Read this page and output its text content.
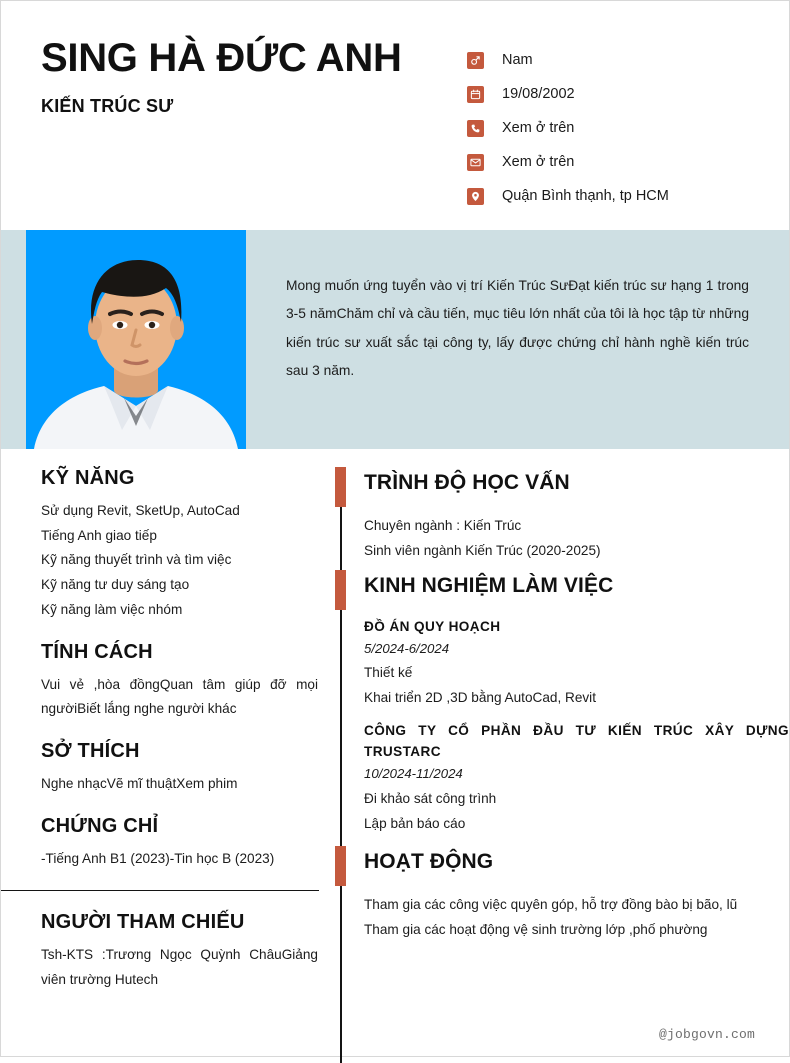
SING HÀ ĐỨC ANH
KIẾN TRÚC SƯ
Nam
19/08/2002
Xem ở trên
Xem ở trên
Quận Bình thạnh, tp HCM

Mong muốn ứng tuyển vào vị trí Kiến Trúc SưĐạt kiến trúc sư hạng 1 trong 3-5 nămChăm chỉ và cầu tiến, mục tiêu lớn nhất của tôi là học tập từ những kiến trúc sư xuất sắc tại công ty, lấy được chứng chỉ hành nghề kiến trúc sau 3 năm.

KỸ NĂNG
Sử dụng Revit, SketUp, AutoCad
Tiếng Anh giao tiếp
Kỹ năng thuyết trình và tìm việc
Kỹ năng tư duy sáng tạo
Kỹ năng làm việc nhóm
TÍNH CÁCH
Vui vẻ ,hòa đồngQuan tâm giúp đỡ mọi ngườiBiết lắng nghe người khác
SỞ THÍCH
Nghe nhạcVẽ mĩ thuậtXem phim
CHỨNG CHỈ
-Tiếng Anh B1 (2023)-Tin học B (2023)
NGƯỜI THAM CHIẾU
Tsh-KTS :Trương Ngọc Quỳnh ChâuGiảng viên trường Hutech
TRÌNH ĐỘ HỌC VẤN
Chuyên ngành : Kiến Trúc
Sinh viên ngành Kiến Trúc (2020-2025)
KINH NGHIỆM LÀM VIỆC
ĐỒ ÁN QUY HOẠCH
5/2024-6/2024
Thiết kế
Khai triển 2D ,3D bằng AutoCad, Revit
CÔNG TY CỔ PHẦN ĐẦU TƯ KIẾN TRÚC XÂY DỰNG TRUSTARC
10/2024-11/2024
Đi khảo sát công trình
Lập bản báo cáo
HOẠT ĐỘNG
Tham gia các công việc quyên góp, hỗ trợ đồng bào bị bão, lũ
Tham gia các hoạt động vệ sinh trường lớp ,phố phường
@jobgovn.com
